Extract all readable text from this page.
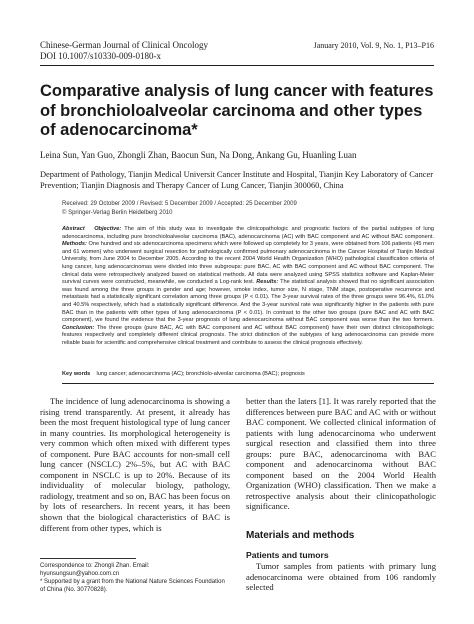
Chinese-German Journal of Clinical Oncology
DOI 10.1007/s10330-009-0180-x
January 2010, Vol. 9, No. 1, P13–P16
Comparative analysis of lung cancer with features of bronchioloalveolar carcinoma and other types of adenocarcinoma*
Leina Sun, Yan Guo, Zhongli Zhan, Baocun Sun, Na Dong, Ankang Gu, Huanling Luan
Department of Pathology, Tianjin Medical Universit Cancer Institute and Hospital, Tianjin Key Laboratory of Cancer Prevention; Tianjin Diagnosis and Therapy Cancer of Lung Cancer, Tianjin 300060, China
Received: 29 October 2009 / Revised: 5 December 2009 / Accepted: 25 December 2009
© Springer-Verlag Berlin Heidelberg 2010
Abstract Objective: The aim of this study was to investigate the clinicopathologic and prognostic factors of the partial subtypes of lung adenocarcinoma, including pure bronchioloalveolar carcinoma (BAC), adenocarcinoma (AC) with BAC component and AC without BAC component. Methods: One hundred and six adenocarcinoma specimens which were followed up completely for 3 years, were obtained from 106 patients (45 men and 61 women) who underwent surgical resection for pathologically confirmed pulmonary adenocarcinoma in the Cancer Hospital of Tianjin Medical University, from June 2004 to December 2005. According to the recent 2004 World Health Organization (WHO) pathological classification criteria of lung cancer, lung adenocarcinomas were divided into three subgroups: pure BAC, AC with BAC component and AC without BAC component. The clinical data were retrospectively analyzed based on statistical methods. All data were analyzed using SPSS statistics software and Kaplan-Meier survival curves were constructed, meanwhile, we conducted a Log-rank test. Results: The statistical analysis showed that no significant association was found among the three groups in gender and age; however, smoke index, tumor size, N stage, TNM stage, postoperative recurrence and metastasis had a statistically significant correlation among three groups (P < 0.01). The 3-year survival rates of the three groups were 96.4%, 61.0% and 40.5% respectively, which had a statistically significant difference. And the 3-year survival rate was significantly higher in the patients with pure BAC than in the patients with other types of lung adenocarcinoma (P < 0.01). In contrast to the other two groups (pure BAC and AC with BAC component), we found the evidence that the 3-year prognosis of lung adenocarcinoma without BAC component was worse than the two formers. Conclusion: The three groups (pure BAC, AC with BAC component and AC without BAC component) have their own distinct clinicopathologic features respectively and completely different clinical prognosis. The strict distinction of the subtypes of lung adenocarcinoma can provide more reliable basis for scientific and comprehensive clinical treatment and contribute to assess the clinical prognosis effectively.
Key words lung cancer; adenocarcinoma (AC); bronchiolo-alveolar carcinoma (BAC); prognosis
The incidence of lung adenocarcinoma is showing a rising trend transparently. At present, it already has been the most frequent histological type of lung cancer in many countries. Its morphological heterogeneity is very common which often mixed with different types of component. Pure BAC accounts for non-small cell lung cancer (NSCLC) 2%–5%, but AC with BAC component in NSCLC is up to 20%. Because of its individuality of molecular biology, pathology, radiology, treatment and so on, BAC has been focus on by lots of researchers. In recent years, it has been shown that the biological characteristics of BAC is different from other types, which is
better than the laters [1]. It was rarely reported that the differences between pure BAC and AC with or without BAC component. We collected clinical information of patients with lung adenocarcinoma who underwent surgical resection and classified them into three groups: pure BAC, adenocarcinoma with BAC component and adenocarcinoma without BAC component based on the 2004 World Health Organization (WHO) classification. Then we make a retrospective analysis about their clinicopathologic significance.
Materials and methods
Patients and tumors
Tumor samples from patients with primary lung adenocarcinoma were obtained from 106 randomly selected
Correspondence to: Zhongli Zhan. Email: hyunsungsun@yahoo.com.cn
* Supported by a grant from the National Nature Sciences Foundation of China (No. 30770828).
